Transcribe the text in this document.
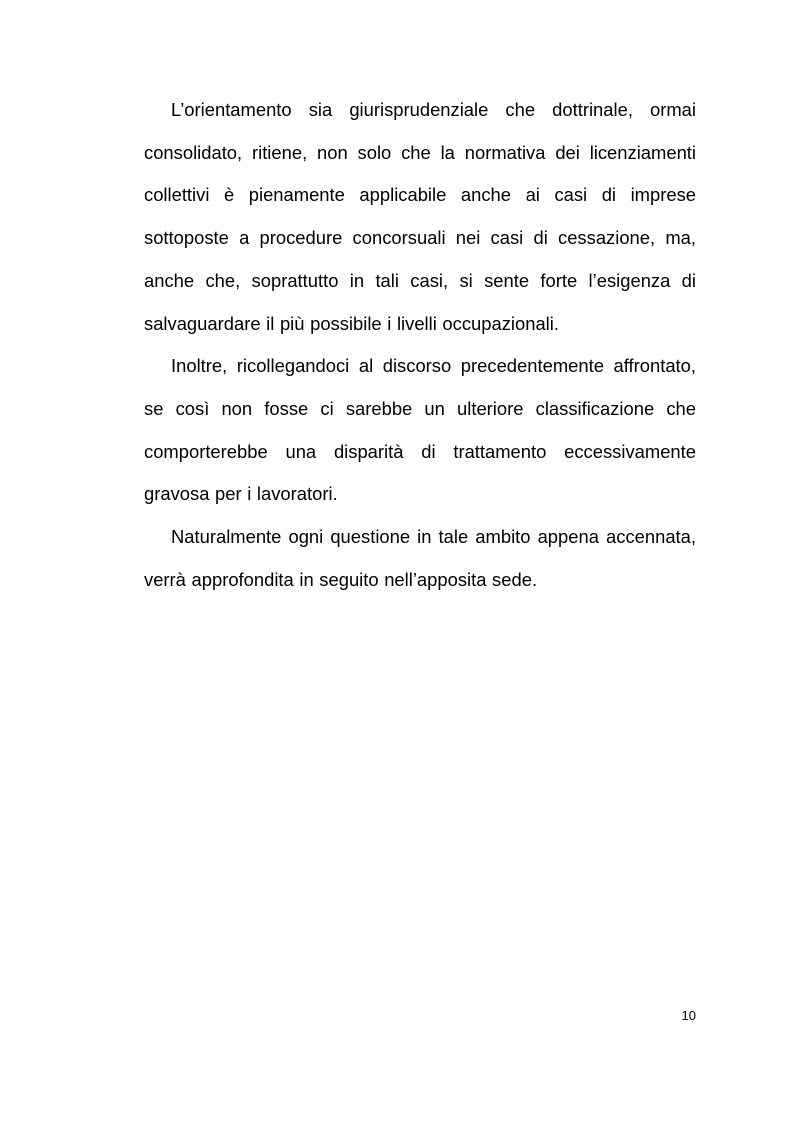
L’orientamento sia giurisprudenziale che dottrinale, ormai consolidato, ritiene, non solo che la normativa dei licenziamenti collettivi è pienamente applicabile anche ai casi di imprese sottoposte a procedure concorsuali nei casi di cessazione, ma, anche che, soprattutto in tali casi, si sente forte l’esigenza di salvaguardare il più possibile i livelli occupazionali.

Inoltre, ricollegandoci al discorso precedentemente affrontato, se così non fosse ci sarebbe un ulteriore classificazione che comporterebbe una disparità di trattamento eccessivamente gravosa per i lavoratori.

Naturalmente ogni questione in tale ambito appena accennata, verrà approfondita in seguito nell’apposita sede.

10
